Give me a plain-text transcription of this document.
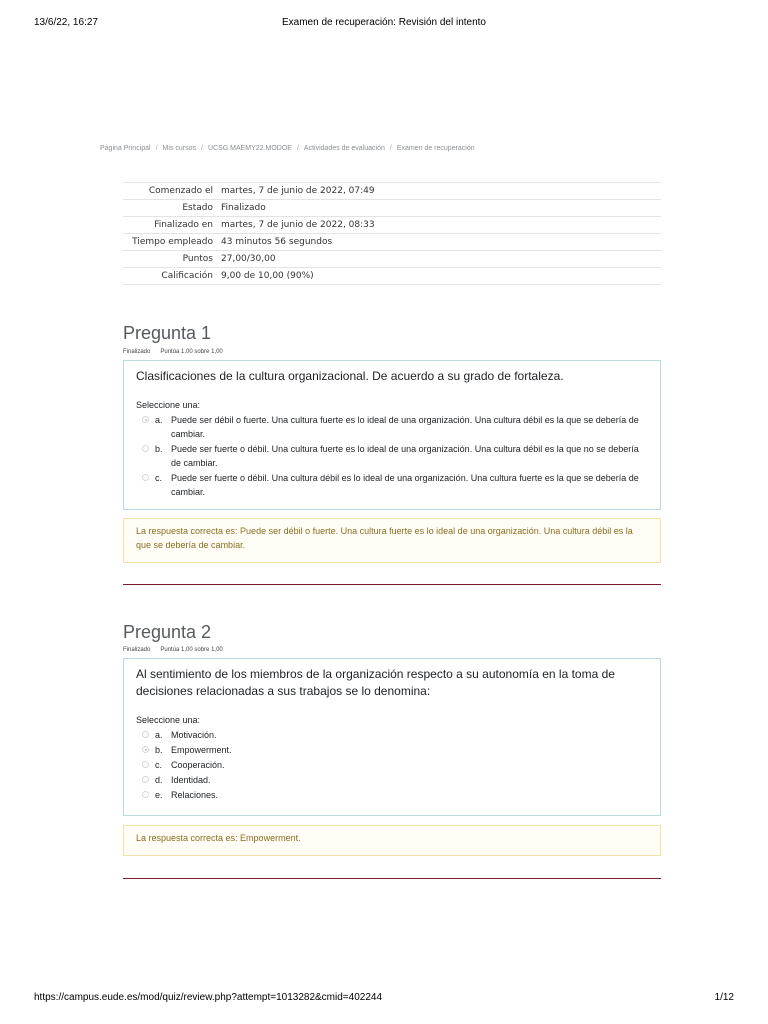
13/6/22, 16:27	Examen de recuperación: Revisión del intento
Página Principal / Mis cursos / UCSG.MAEMY22.MODOE / Actividades de evaluación / Examen de recuperación
Comenzado el	martes, 7 de junio de 2022, 07:49
Estado	Finalizado
Finalizado en	martes, 7 de junio de 2022, 08:33
Tiempo empleado	43 minutos 56 segundos
Puntos	27,00/30,00
Calificación	9,00 de 10,00 (90%)
Pregunta 1
Finalizado Puntúa 1,00 sobre 1,00
Clasificaciones de la cultura organizacional. De acuerdo a su grado de fortaleza.
Seleccione una:
a. Puede ser débil o fuerte. Una cultura fuerte es lo ideal de una organización. Una cultura débil es la que se debería de cambiar.
b. Puede ser fuerte o débil. Una cultura fuerte es lo ideal de una organización. Una cultura débil es la que no se debería de cambiar.
c. Puede ser fuerte o débil. Una cultura débil es lo ideal de una organización. Una cultura fuerte es la que se debería de cambiar.
La respuesta correcta es: Puede ser débil o fuerte. Una cultura fuerte es lo ideal de una organización. Una cultura débil es la que se debería de cambiar.
Pregunta 2
Finalizado Puntúa 1,00 sobre 1,00
Al sentimiento de los miembros de la organización respecto a su autonomía en la toma de decisiones relacionadas a sus trabajos se lo denomina:
Seleccione una:
a. Motivación.
b. Empowerment.
c. Cooperación.
d. Identidad.
e. Relaciones.
La respuesta correcta es: Empowerment.
https://campus.eude.es/mod/quiz/review.php?attempt=1013282&cmid=402244	1/12
